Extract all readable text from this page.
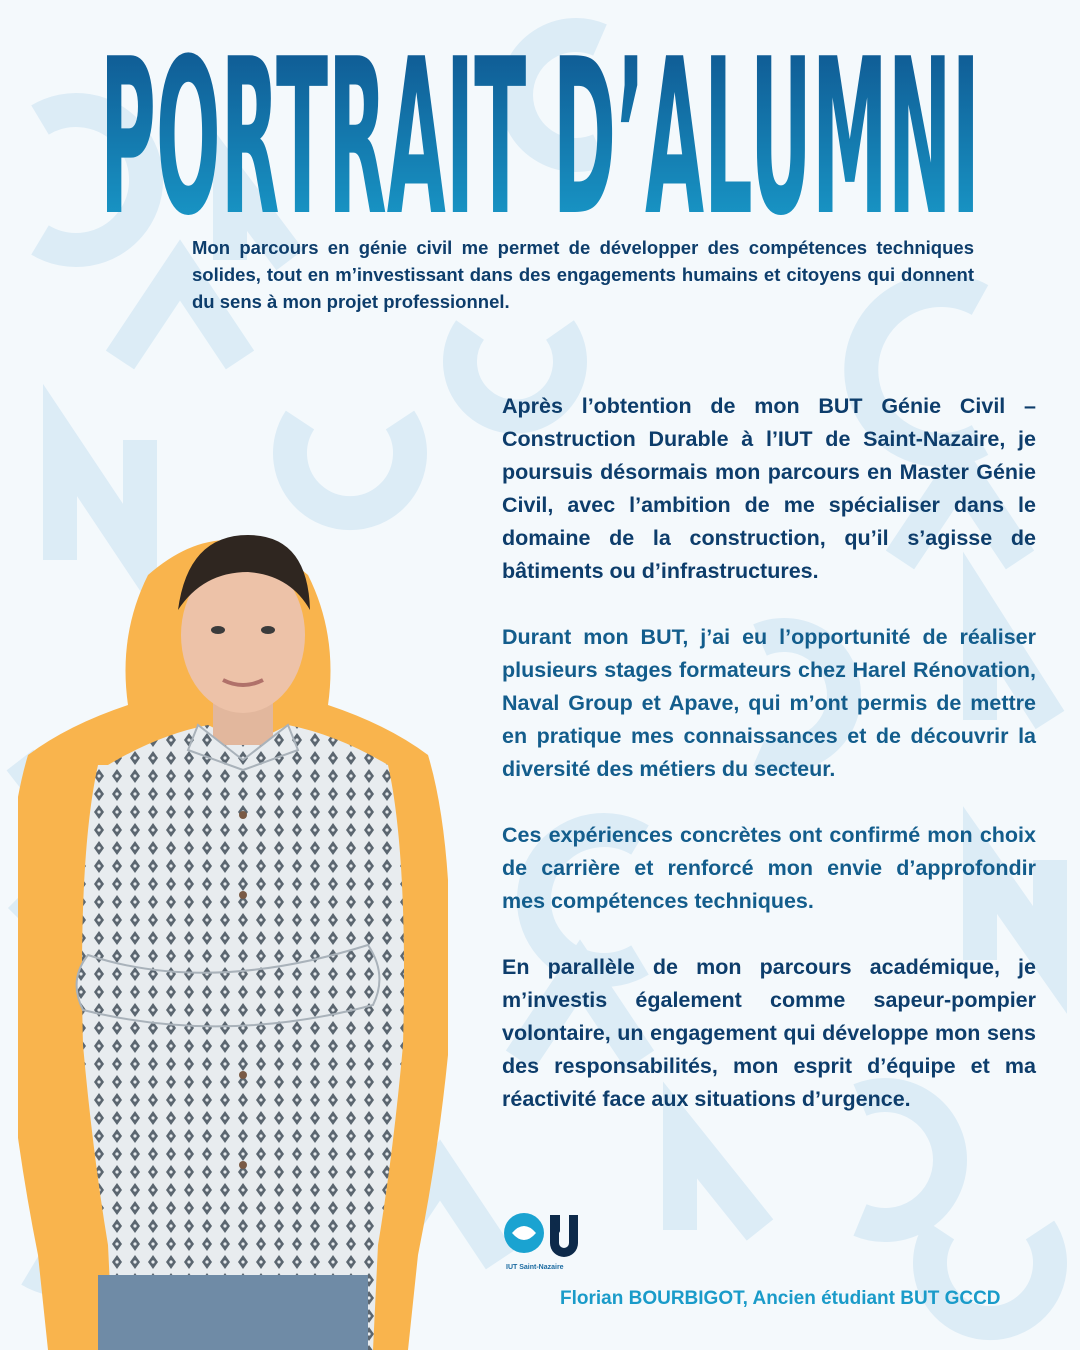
PORTRAIT D’ALUMNI

Mon parcours en génie civil me permet de développer des compétences techniques solides, tout en m’investissant dans des engagements humains et citoyens qui donnent du sens à mon projet professionnel.

Après l’obtention de mon BUT Génie Civil – Construction Durable à l’IUT de Saint-Nazaire, je poursuis désormais mon parcours en Master Génie Civil, avec l’ambition de me spécialiser dans le domaine de la construction, qu’il s’agisse de bâtiments ou d’infrastructures.

Durant mon BUT, j’ai eu l’opportunité de réaliser plusieurs stages formateurs chez Harel Rénovation, Naval Group et Apave, qui m’ont permis de mettre en pratique mes connaissances et de découvrir la diversité des métiers du secteur.

Ces expériences concrètes ont confirmé mon choix de carrière et renforcé mon envie d’approfondir mes compétences techniques.

En parallèle de mon parcours académique, je m’investis également comme sapeur-pompier volontaire, un engagement qui développe mon sens des responsabilités, mon esprit d’équipe et ma réactivité face aux situations d’urgence.

IUT Saint-Nazaire
Florian BOURBIGOT, Ancien étudiant BUT GCCD
